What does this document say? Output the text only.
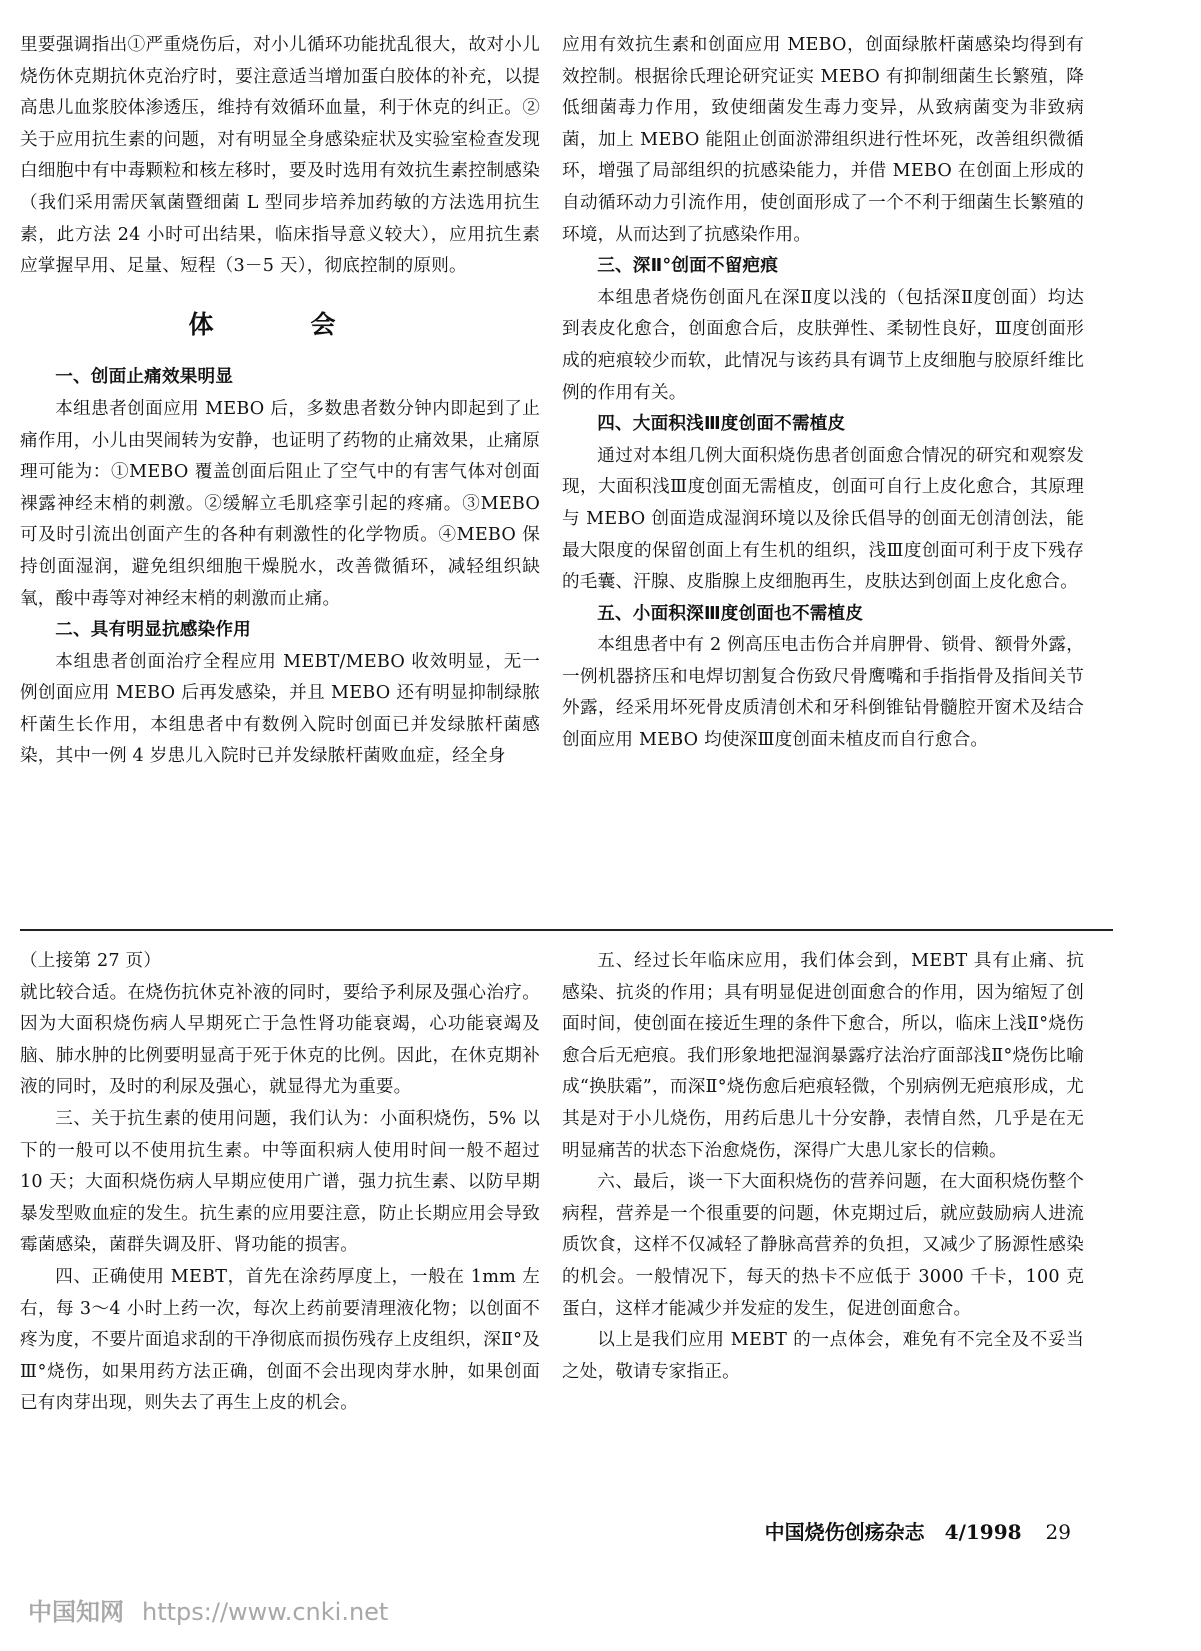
里要强调指出①严重烧伤后，对小儿循环功能扰乱很大，故对小儿烧伤休克期抗休克治疗时，要注意适当增加蛋白胶体的补充，以提高患儿血浆胶体渗透压，维持有效循环血量，利于休克的纠正。②关于应用抗生素的问题，对有明显全身感染症状及实验室检查发现白细胞中有中毒颗粒和核左移时，要及时选用有效抗生素控制感染（我们采用需厌氧菌暨细菌 L 型同步培养加药敏的方法选用抗生素，此方法 24 小时可出结果，临床指导意义较大），应用抗生素应掌握早用、足量、短程（3－5 天），彻底控制的原则。

体　会

一、创面止痛效果明显

本组患者创面应用 MEBO 后，多数患者数分钟内即起到了止痛作用，小儿由哭闹转为安静，也证明了药物的止痛效果，止痛原理可能为：①MEBO 覆盖创面后阻止了空气中的有害气体对创面裸露神经末梢的刺激。②缓解立毛肌痉挛引起的疼痛。③MEBO 可及时引流出创面产生的各种有刺激性的化学物质。④MEBO 保持创面湿润，避免组织细胞干燥脱水，改善微循环，减轻组织缺氧，酸中毒等对神经末梢的刺激而止痛。

二、具有明显抗感染作用

本组患者创面治疗全程应用 MEBT/MEBO 收效明显，无一例创面应用 MEBO 后再发感染，并且 MEBO 还有明显抑制绿脓杆菌生长作用，本组患者中有数例入院时创面已并发绿脓杆菌感染，其中一例 4 岁患儿入院时已并发绿脓杆菌败血症，经全身

应用有效抗生素和创面应用 MEBO，创面绿脓杆菌感染均得到有效控制。根据徐氏理论研究证实 MEBO 有抑制细菌生长繁殖，降低细菌毒力作用，致使细菌发生毒力变异，从致病菌变为非致病菌，加上 MEBO 能阻止创面淤滞组织进行性坏死，改善组织微循环，增强了局部组织的抗感染能力，并借 MEBO 在创面上形成的自动循环动力引流作用，使创面形成了一个不利于细菌生长繁殖的环境，从而达到了抗感染作用。

三、深Ⅱ°创面不留疤痕

本组患者烧伤创面凡在深Ⅱ度以浅的（包括深Ⅱ度创面）均达到表皮化愈合，创面愈合后，皮肤弹性、柔韧性良好，Ⅲ度创面形成的疤痕较少而软，此情况与该药具有调节上皮细胞与胶原纤维比例的作用有关。

四、大面积浅Ⅲ度创面不需植皮

通过对本组几例大面积烧伤患者创面愈合情况的研究和观察发现，大面积浅Ⅲ度创面无需植皮，创面可自行上皮化愈合，其原理与 MEBO 创面造成湿润环境以及徐氏倡导的创面无创清创法，能最大限度的保留创面上有生机的组织，浅Ⅲ度创面可利于皮下残存的毛囊、汗腺、皮脂腺上皮细胞再生，皮肤达到创面上皮化愈合。

五、小面积深Ⅲ度创面也不需植皮

本组患者中有 2 例高压电击伤合并肩胛骨、锁骨、额骨外露，一例机器挤压和电焊切割复合伤致尺骨鹰嘴和手指指骨及指间关节外露，经采用坏死骨皮质清创术和牙科倒锥钻骨髓腔开窗术及结合创面应用 MEBO 均使深Ⅲ度创面未植皮而自行愈合。

（上接第 27 页）

就比较合适。在烧伤抗休克补液的同时，要给予利尿及强心治疗。因为大面积烧伤病人早期死亡于急性肾功能衰竭，心功能衰竭及脑、肺水肿的比例要明显高于死于休克的比例。因此，在休克期补液的同时，及时的利尿及强心，就显得尤为重要。

三、关于抗生素的使用问题，我们认为：小面积烧伤，5% 以下的一般可以不使用抗生素。中等面积病人使用时间一般不超过 10 天；大面积烧伤病人早期应使用广谱，强力抗生素、以防早期暴发型败血症的发生。抗生素的应用要注意，防止长期应用会导致霉菌感染，菌群失调及肝、肾功能的损害。

四、正确使用 MEBT，首先在涂药厚度上，一般在 1mm 左右，每 3～4 小时上药一次，每次上药前要清理液化物；以创面不疼为度，不要片面追求刮的干净彻底而损伤残存上皮组织，深Ⅱ°及Ⅲ°烧伤，如果用药方法正确，创面不会出现肉芽水肿，如果创面已有肉芽出现，则失去了再生上皮的机会。

五、经过长年临床应用，我们体会到，MEBT 具有止痛、抗感染、抗炎的作用；具有明显促进创面愈合的作用，因为缩短了创面时间，使创面在接近生理的条件下愈合，所以，临床上浅Ⅱ°烧伤愈合后无疤痕。我们形象地把湿润暴露疗法治疗面部浅Ⅱ°烧伤比喻成“换肤霜”，而深Ⅱ°烧伤愈后疤痕轻微，个别病例无疤痕形成，尤其是对于小儿烧伤，用药后患儿十分安静，表情自然，几乎是在无明显痛苦的状态下治愈烧伤，深得广大患儿家长的信赖。

六、最后，谈一下大面积烧伤的营养问题，在大面积烧伤整个病程，营养是一个很重要的问题，休克期过后，就应鼓励病人进流质饮食，这样不仅减轻了静脉高营养的负担，又减少了肠源性感染的机会。一般情况下，每天的热卡不应低于 3000 千卡，100 克蛋白，这样才能减少并发症的发生，促进创面愈合。

以上是我们应用 MEBT 的一点体会，难免有不完全及不妥当之处，敬请专家指正。

中国烧伤创疡杂志　4/1998 29
中国知网 https://www.cnki.net
